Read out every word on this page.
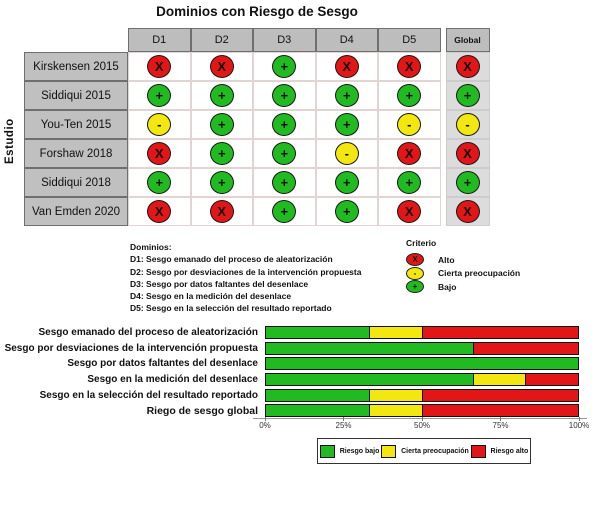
Dominios con Riesgo de Sesgo
Estudio
D1	D2	D3	D4	D5	Global
Kirskensen 2015	X	X	+	X	X	X
Siddiqui 2015	+	+	+	+	+	+
You-Ten 2015	-	+	+	+	-	-
Forshaw 2018	X	+	+	-	X	X
Siddiqui 2018	+	+	+	+	+	+
Van Emden 2020	X	X	+	+	X	X
Dominios:
D1: Sesgo emanado del proceso de aleatorización
D2: Sesgo por desviaciones de la intervención propuesta
D3: Sesgo por datos faltantes del desenlace
D4: Sesgo en la medición del desenlace
D5: Sesgo en la selección del resultado reportado
Criterio
X	Alto
-	Cierta preocupación
+	Bajo
Sesgo emanado del proceso de aleatorización
Sesgo por desviaciones de la intervención propuesta
Sesgo por datos faltantes del desenlace
Sesgo en la medición del desenlace
Sesgo en la selección del resultado reportado
Riego de sesgo global
Riesgo bajo	Cierta preocupación	Riesgo alto
0%	25%	50%	75%	100%
